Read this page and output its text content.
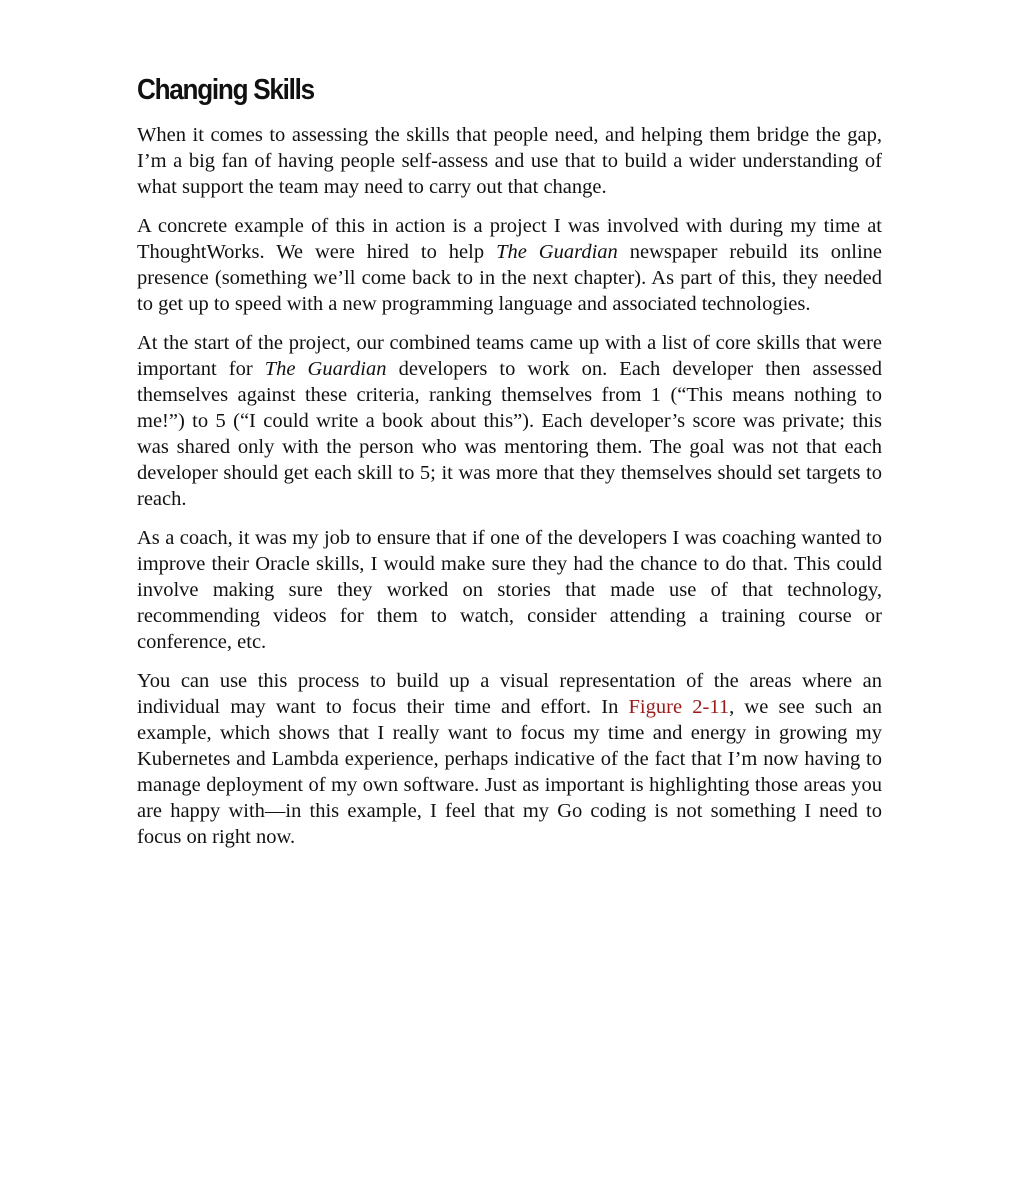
Changing Skills

When it comes to assessing the skills that people need, and helping them bridge the gap, I’m a big fan of having people self-assess and use that to build a wider understanding of what support the team may need to carry out that change.

A concrete example of this in action is a project I was involved with during my time at ThoughtWorks. We were hired to help The Guardian newspaper rebuild its online presence (something we’ll come back to in the next chapter). As part of this, they needed to get up to speed with a new programming language and associated technologies.

At the start of the project, our combined teams came up with a list of core skills that were important for The Guardian developers to work on. Each developer then assessed themselves against these criteria, ranking themselves from 1 (“This means nothing to me!”) to 5 (“I could write a book about this”). Each developer’s score was private; this was shared only with the person who was mentoring them. The goal was not that each developer should get each skill to 5; it was more that they themselves should set targets to reach.

As a coach, it was my job to ensure that if one of the developers I was coaching wanted to improve their Oracle skills, I would make sure they had the chance to do that. This could involve making sure they worked on stories that made use of that technology, recommending videos for them to watch, consider attending a training course or conference, etc.

You can use this process to build up a visual representation of the areas where an individual may want to focus their time and effort. In Figure 2-11, we see such an example, which shows that I really want to focus my time and energy in growing my Kubernetes and Lambda experience, perhaps indicative of the fact that I’m now having to manage deployment of my own software. Just as important is highlighting those areas you are happy with—in this example, I feel that my Go coding is not something I need to focus on right now.
